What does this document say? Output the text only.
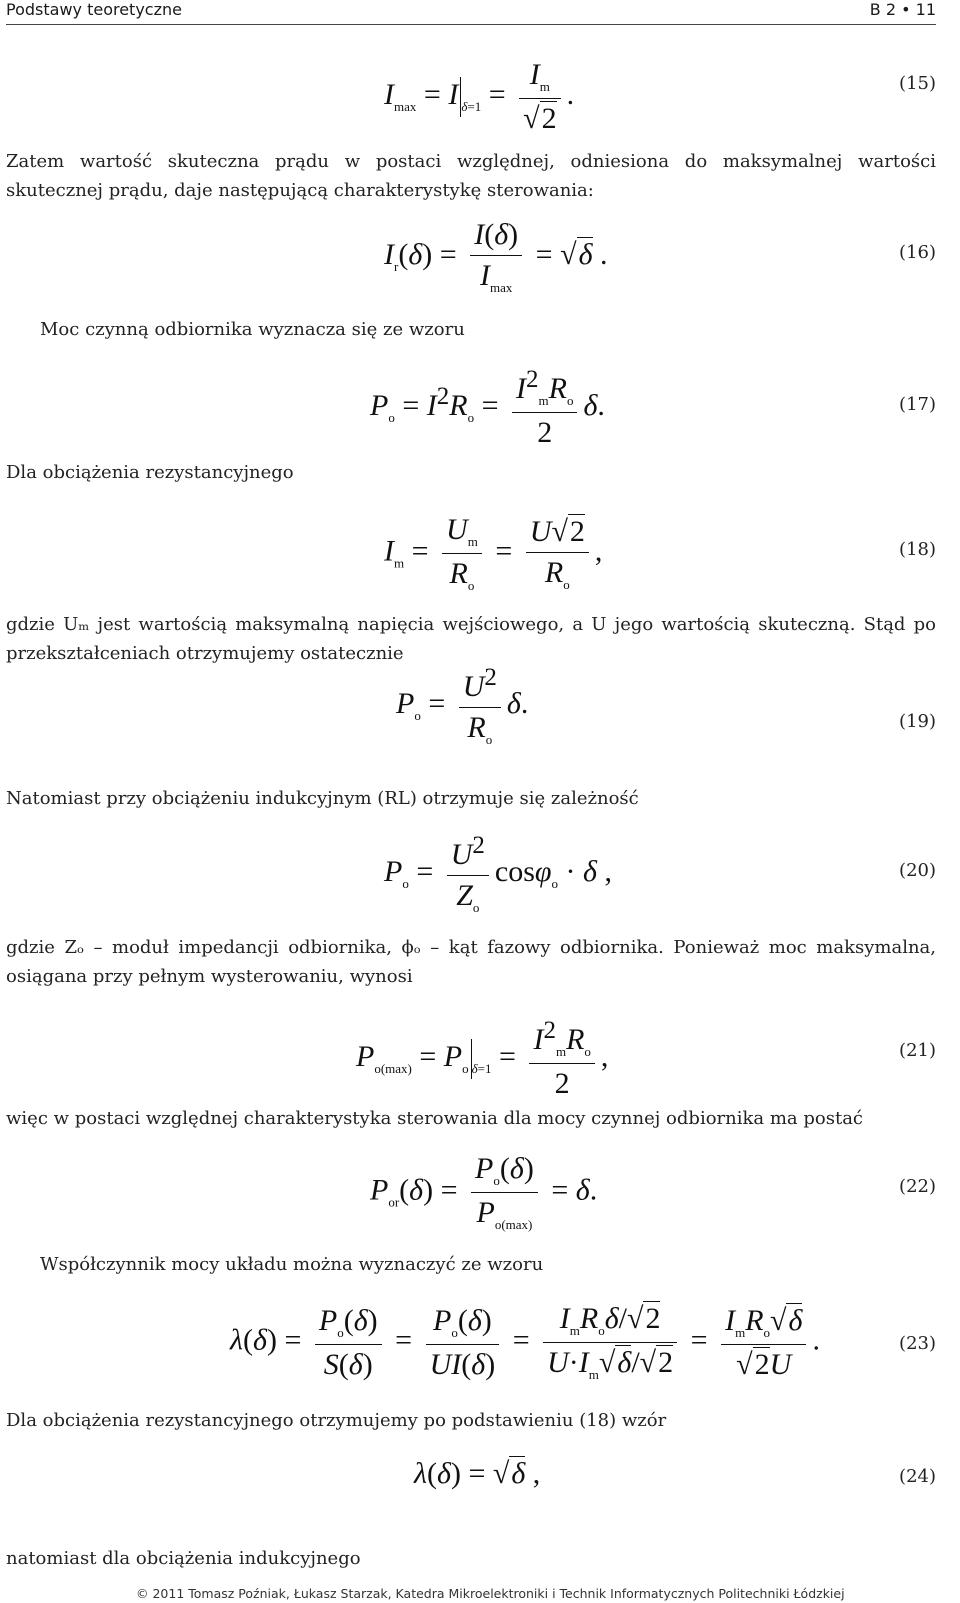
Podstawy teoretyczne	B 2 • 11
$I_{max} = I$ $_{\delta=1} = \frac{I_m}{√2}$ .	(15)
Zatem wartość skuteczna prądu w postaci względnej, odniesiona do maksymalnej wartości skutecznej prądu, daje następującą charakterystykę sterowania:
$I_r(\delta) = \frac{I(\delta)}{I_{max}} = √\delta$ .	(16)
Moc czynną odbiornika wyznacza się ze wzoru
$P_o = I^2R_o = \frac{I^2_mR_o}{2} \delta$.	(17)
Dla obciążenia rezystancyjnego
$I_m = \frac{U_m}{R_o} = \frac{U√2}{R_o}$ ,	(18)
gdzie Uₘ jest wartością maksymalną napięcia wejściowego, a U jego wartością skuteczną. Stąd po przekształceniach otrzymujemy ostatecznie
$P_o = \frac{U^2}{R_o} \delta$.
(19)
Natomiast przy obciążeniu indukcyjnym (RL) otrzymuje się zależność
$P_o = \frac{U^2}{Z_o} \cos\varphi_o \cdot \delta$ ,	(20)
gdzie Zₒ – moduł impedancji odbiornika, ϕₒ – kąt fazowy odbiornika. Ponieważ moc maksymalna, osiągana przy pełnym wysterowaniu, wynosi
$P_{o(max)} = P_o$ $_{\delta=1} = \frac{I^2_mR_o}{2}$ ,	(21)
więc w postaci względnej charakterystyka sterowania dla mocy czynnej odbiornika ma postać
$P_{or}(\delta) = \frac{P_o(\delta)}{P_{o(max)}} = \delta$.	(22)
Współczynnik mocy układu można wyznaczyć ze wzoru
$\lambda(\delta) = \frac{P_o(\delta)}{S(\delta)} = \frac{P_o(\delta)}{UI(\delta)} = \frac{I_mR_o\delta/√2}{U\cdot I_m√\delta/√2} = \frac{I_mR_o√\delta}{√2U}$ .	(23)
Dla obciążenia rezystancyjnego otrzymujemy po podstawieniu (18) wzór
λ(δ) = √δ ,	(24)
natomiast dla obciążenia indukcyjnego
© 2011 Tomasz Poźniak, Łukasz Starzak, Katedra Mikroelektroniki i Technik Informatycznych Politechniki Łódzkiej
